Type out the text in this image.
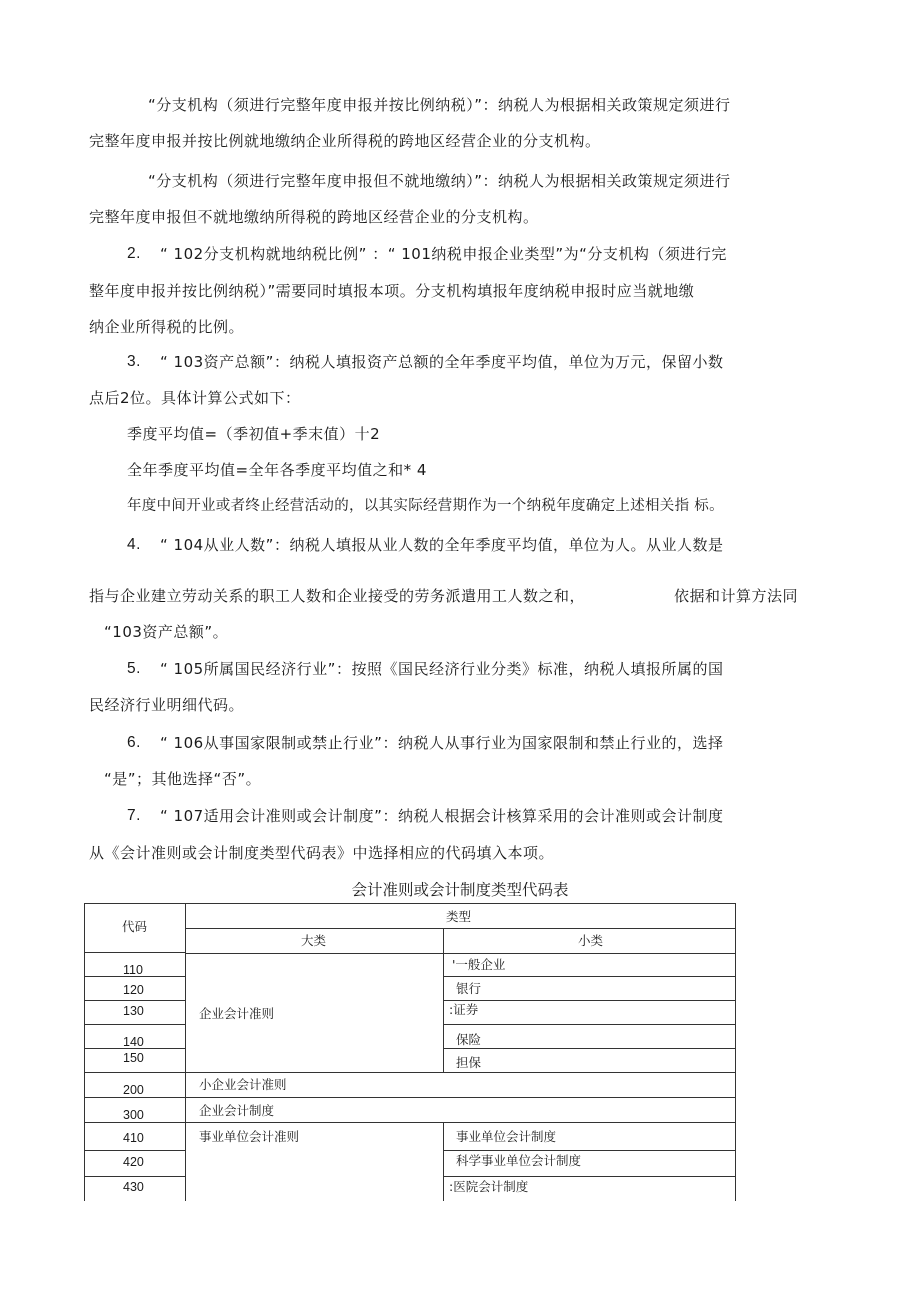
“分支机构（须进行完整年度申报并按比例纳税）”：纳税人为根据相关政策规定须进行
完整年度申报并按比例就地缴纳企业所得税的跨地区经营企业的分支机构。
“分支机构（须进行完整年度申报但不就地缴纳）”：纳税人为根据相关政策规定须进行
完整年度申报但不就地缴纳所得税的跨地区经营企业的分支机构。
2. “ 102分支机构就地纳税比例” ：“ 101纳税申报企业类型”为“分支机构（须进行完
整年度申报并按比例纳税）”需要同时填报本项。分支机构填报年度纳税申报时应当就地缴
纳企业所得税的比例。
3. “ 103资产总额”：纳税人填报资产总额的全年季度平均值，单位为万元，保留小数
点后2位。具体计算公式如下：
季度平均值=（季初值+季末值）十2
全年季度平均值=全年各季度平均值之和* 4
年度中间开业或者终止经营活动的，以其实际经营期作为一个纳税年度确定上述相关指 标。
4. “ 104从业人数”：纳税人填报从业人数的全年季度平均值，单位为人。从业人数是
指与企业建立劳动关系的职工人数和企业接受的劳务派遣用工人数之和，	依据和计算方法同
“103资产总额”。
5. “ 105所属国民经济行业”：按照《国民经济行业分类》标准，纳税人填报所属的国
民经济行业明细代码。
6. “ 106从事国家限制或禁止行业”：纳税人从事行业为国家限制和禁止行业的，选择
“是”；其他选择“否”。
7. “ 107适用会计准则或会计制度”：纳税人根据会计核算采用的会计准则或会计制度
从《会计准则或会计制度类型代码表》中选择相应的代码填入本项。
会计准则或会计制度类型代码表
代码
类型
大类	小类
110
120
130
140
150
200
300
410
420
430
企业会计准则
小企业会计准则
企业会计制度
事业单位会计准则
'一般企业
银行
:证券
保险
担保
事业单位会计制度
科学事业单位会计制度
:医院会计制度
